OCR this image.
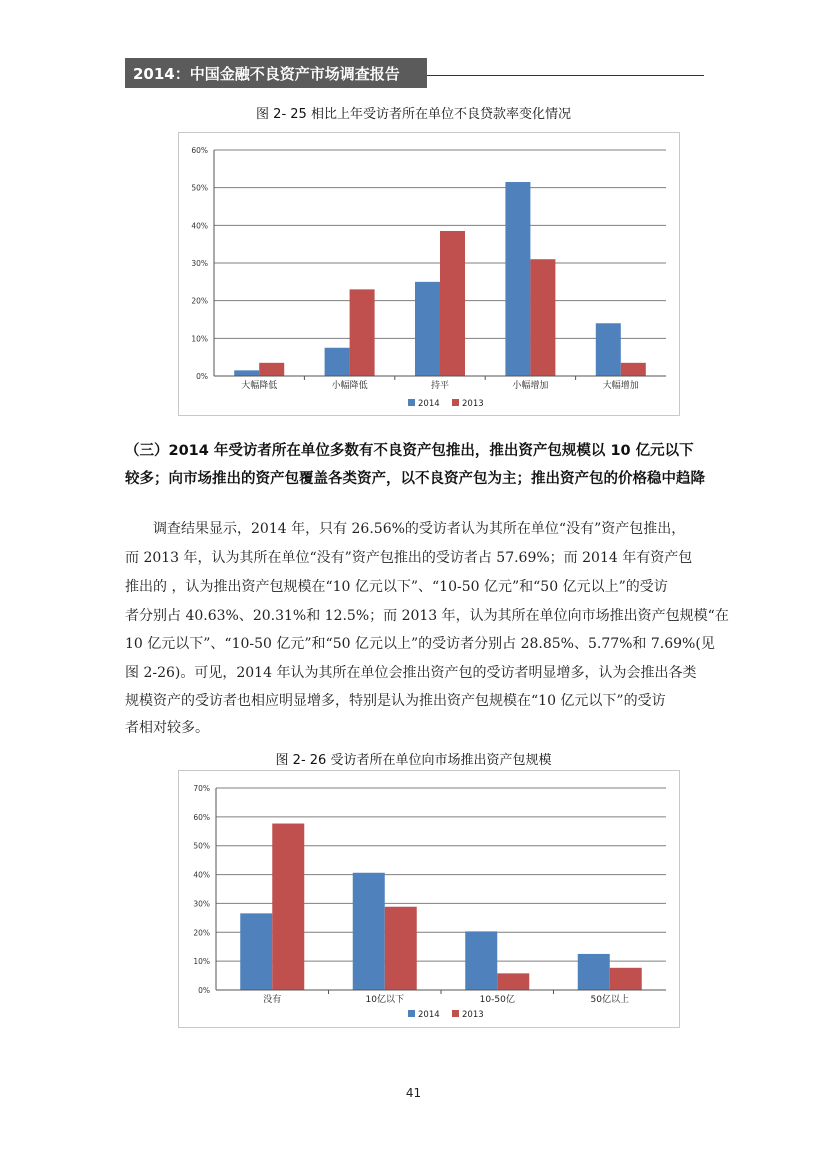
2014：中国金融不良资产市场调查报告
图 2- 25 相比上年受访者所在单位不良贷款率变化情况
0%
10%
20%
30%
40%
50%
60%
大幅降低	小幅降低	持平	小幅增加	大幅增加
2014	2013
（三）2014 年受访者所在单位多数有不良资产包推出，推出资产包规模以 10 亿元以下
较多；向市场推出的资产包覆盖各类资产，以不良资产包为主；推出资产包的价格稳中趋降
　　调查结果显示，2014 年，只有 26.56%的受访者认为其所在单位“没有”资产包推出，
而 2013 年，认为其所在单位“没有”资产包推出的受访者占 57.69%；而 2014 年有资产包
推出的 ，认为推出资产包规模在“10 亿元以下”、“10-50 亿元”和“50 亿元以上”的受访
者分别占 40.63%、20.31%和 12.5%；而 2013 年，认为其所在单位向市场推出资产包规模“在
10 亿元以下”、“10-50 亿元”和“50 亿元以上”的受访者分别占 28.85%、5.77%和 7.69%(见
图 2-26)。可见，2014 年认为其所在单位会推出资产包的受访者明显增多，认为会推出各类
规模资产的受访者也相应明显增多，特别是认为推出资产包规模在“10 亿元以下”的受访
者相对较多。
图 2- 26 受访者所在单位向市场推出资产包规模
0%
10%
20%
30%
40%
50%
60%
70%
没有	10亿以下	10-50亿	50亿以上
2014	2013
41
